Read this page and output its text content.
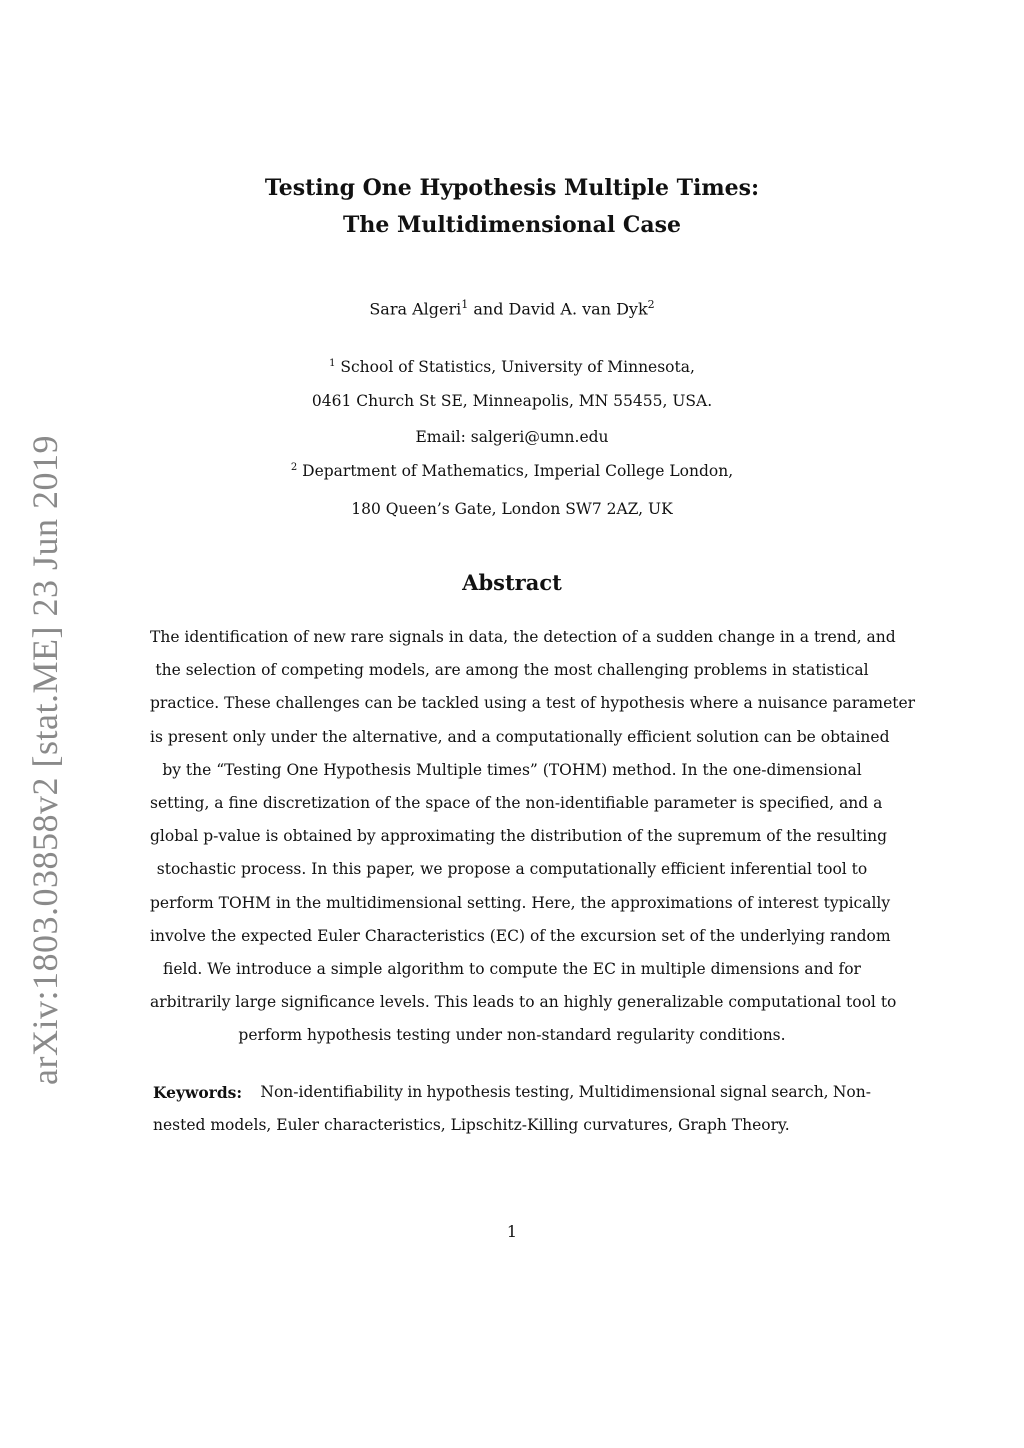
arXiv:1803.03858v2 [stat.ME] 23 Jun 2019
Testing One Hypothesis Multiple Times:
The Multidimensional Case
Sara Algeri$^1$ and David A. van Dyk$^2$
$^1$ School of Statistics, University of Minnesota,
0461 Church St SE, Minneapolis, MN 55455, USA.
Email: salgeri@umn.edu
$^2$ Department of Mathematics, Imperial College London,
180 Queen’s Gate, London SW7 2AZ, UK
Abstract
The identification of new rare signals in data, the detection of a sudden change in a trend, and
the selection of competing models, are among the most challenging problems in statistical
practice. These challenges can be tackled using a test of hypothesis where a nuisance parameter
is present only under the alternative, and a computationally efficient solution can be obtained
by the “Testing One Hypothesis Multiple times” (TOHM) method. In the one-dimensional
setting, a fine discretization of the space of the non-identifiable parameter is specified, and a
global p-value is obtained by approximating the distribution of the supremum of the resulting
stochastic process. In this paper, we propose a computationally efficient inferential tool to
perform TOHM in the multidimensional setting. Here, the approximations of interest typically
involve the expected Euler Characteristics (EC) of the excursion set of the underlying random
field. We introduce a simple algorithm to compute the EC in multiple dimensions and for
arbitrarily large significance levels. This leads to an highly generalizable computational tool to
perform hypothesis testing under non-standard regularity conditions.
Keywords: Non-identifiability in hypothesis testing, Multidimensional signal search, Non-
nested models, Euler characteristics, Lipschitz-Killing curvatures, Graph Theory.
1
